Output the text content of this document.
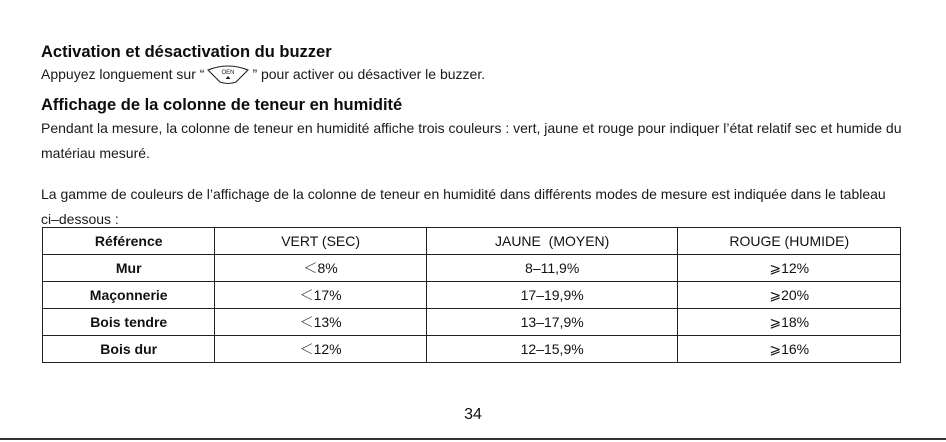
Activation et désactivation du buzzer

Appuyez longuement sur “	OEN ” pour activer ou désactiver le buzzer.

Affichage de la colonne de teneur en humidité

Pendant la mesure, la colonne de teneur en humidité affiche trois couleurs : vert, jaune et rouge pour indiquer l’état relatif sec et humide du matériau mesuré.

La gamme de couleurs de l’affichage de la colonne de teneur en humidité dans différents modes de mesure est indiquée dans le tableau ci–dessous :

Référence	VERT (SEC)	JAUNE  (MOYEN)	ROUGE (HUMIDE)
Mur	＜8%	8–11,9%	⩾12%
Maçonnerie	＜17%	17–19,9%	⩾20%
Bois tendre	＜13%	13–17,9%	⩾18%
Bois dur	＜12%	12–15,9%	⩾16%
34
